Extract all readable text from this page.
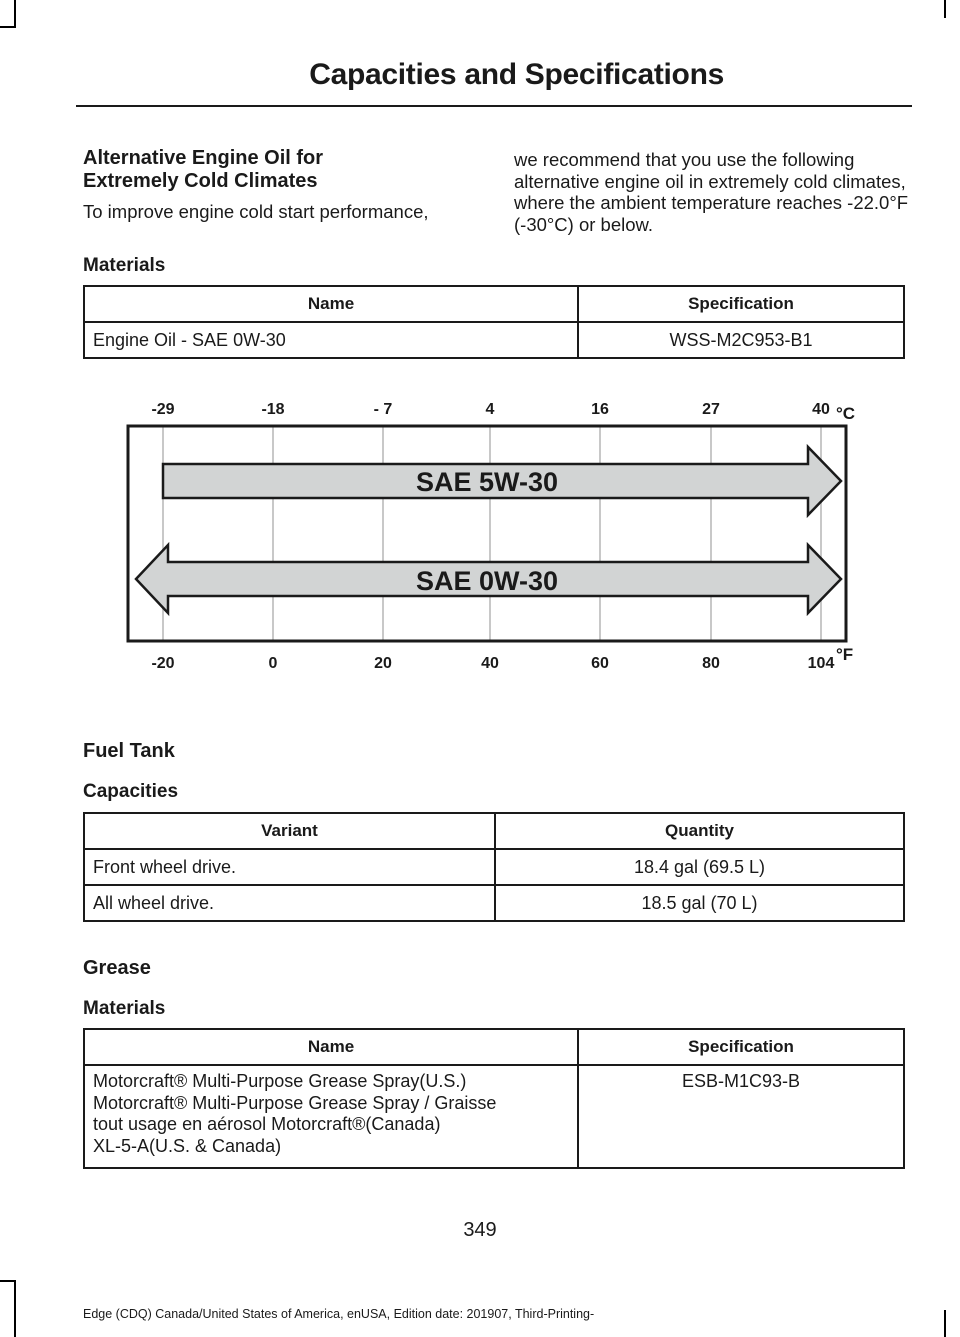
Capacities and Specifications
Alternative Engine Oil for Extremely Cold Climates
To improve engine cold start performance,
we recommend that you use the following alternative engine oil in extremely cold climates, where the ambient temperature reaches -22.0°F (-30°C) or below.
Materials
Name	Specification
Engine Oil - SAE 0W-30	WSS-M2C953-B1
SAE 5W-30
SAE 0W-30
-29
-20
-18
0
- 7
20
4
40
16
60
27
80
40
104
°C
°F
Fuel Tank
Capacities
Variant	Quantity
Front wheel drive.	18.4 gal (69.5 L)
All wheel drive.	18.5 gal (70 L)
Grease
Materials
Name	Specification

Motorcraft® Multi-Purpose Grease Spray(U.S.)
Motorcraft® Multi-Purpose Grease Spray / Graisse
tout usage en aérosol Motorcraft®(Canada)
XL-5-A(U.S. & Canada)	ESB-M1C93-B
349
Edge (CDQ) Canada/United States of America, enUSA, Edition date: 201907, Third-Printing-
